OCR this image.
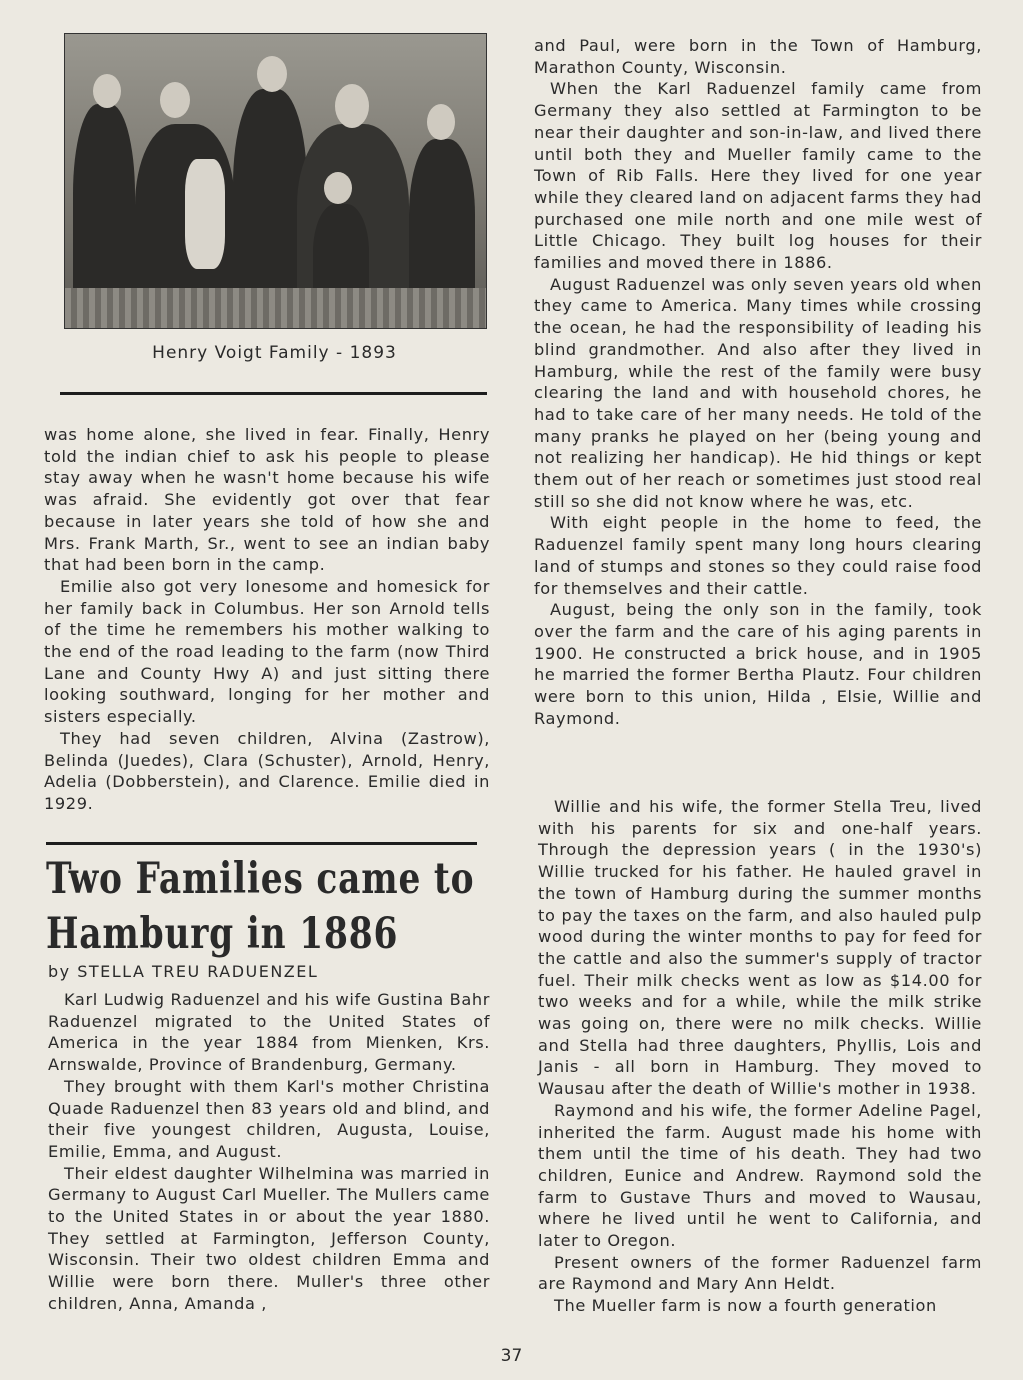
Henry Voigt Family - 1893

was home alone, she lived in fear. Finally, Henry told the indian chief to ask his people to please stay away when he wasn't home because his wife was afraid. She evidently got over that fear because in later years she told of how she and Mrs. Frank Marth, Sr., went to see an indian baby that had been born in the camp.

Emilie also got very lonesome and homesick for her family back in Columbus. Her son Arnold tells of the time he remembers his mother walking to the end of the road leading to the farm (now Third Lane and County Hwy A) and just sitting there looking southward, longing for her mother and sisters especially.

They had seven children, Alvina (Zastrow), Belinda (Juedes), Clara (Schuster), Arnold, Henry, Adelia (Dobberstein), and Clarence. Emilie died in 1929.

Two Families came to
Hamburg in 1886
by STELLA TREU RADUENZEL

Karl Ludwig Raduenzel and his wife Gustina Bahr Raduenzel migrated to the United States of America in the year 1884 from Mienken, Krs. Arnswalde, Province of Brandenburg, Germany.

They brought with them Karl's mother Christina Quade Raduenzel then 83 years old and blind, and their five youngest children, Augusta, Louise, Emilie, Emma, and August.

Their eldest daughter Wilhelmina was married in Germany to August Carl Mueller. The Mullers came to the United States in or about the year 1880. They settled at Farmington, Jefferson County, Wisconsin. Their two oldest children Emma and Willie were born there. Muller's three other children, Anna, Amanda ,

and Paul, were born in the Town of Hamburg, Marathon County, Wisconsin.

When the Karl Raduenzel family came from Germany they also settled at Farmington to be near their daughter and son-in-law, and lived there until both they and Mueller family came to the Town of Rib Falls. Here they lived for one year while they cleared land on adjacent farms they had purchased one mile north and one mile west of Little Chicago. They built log houses for their families and moved there in 1886.

August Raduenzel was only seven years old when they came to America. Many times while crossing the ocean, he had the responsibility of leading his blind grandmother. And also after they lived in Hamburg, while the rest of the family were busy clearing the land and with household chores, he had to take care of her many needs. He told of the many pranks he played on her (being young and not realizing her handicap). He hid things or kept them out of her reach or sometimes just stood real still so she did not know where he was, etc.

With eight people in the home to feed, the Raduenzel family spent many long hours clearing land of stumps and stones so they could raise food for themselves and their cattle.

August, being the only son in the family, took over the farm and the care of his aging parents in 1900. He constructed a brick house, and in 1905 he married the former Bertha Plautz. Four children were born to this union, Hilda , Elsie, Willie and Raymond.

Willie and his wife, the former Stella Treu, lived with his parents for six and one-half years. Through the depression years ( in the 1930's) Willie trucked for his father. He hauled gravel in the town of Hamburg during the summer months to pay the taxes on the farm, and also hauled pulp wood during the winter months to pay for feed for the cattle and also the summer's supply of tractor fuel. Their milk checks went as low as $14.00 for two weeks and for a while, while the milk strike was going on, there were no milk checks. Willie and Stella had three daughters, Phyllis, Lois and Janis - all born in Hamburg. They moved to Wausau after the death of Willie's mother in 1938.

Raymond and his wife, the former Adeline Pagel, inherited the farm. August made his home with them until the time of his death. They had two children, Eunice and Andrew. Raymond sold the farm to Gustave Thurs and moved to Wausau, where he lived until he went to California, and later to Oregon.

Present owners of the former Raduenzel farm are Raymond and Mary Ann Heldt.

The Mueller farm is now a fourth generation

37
